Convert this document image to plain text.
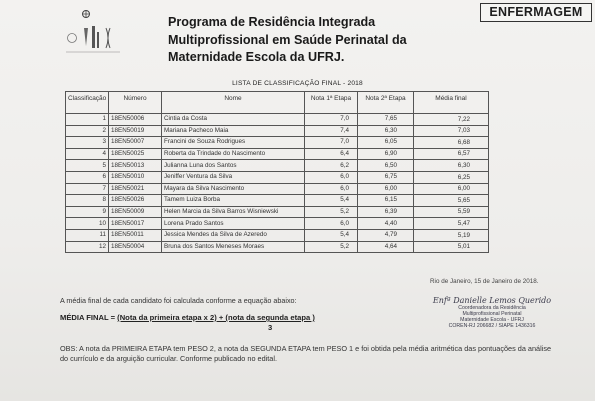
Programa de Residência Integrada
Multiprofissional em Saúde Perinatal da
Maternidade Escola da UFRJ.
ENFERMAGEM
LISTA DE CLASSIFICAÇÃO FINAL - 2018
Classificação	Número	Nome	Nota 1ª Etapa	Nota 2ª Etapa	Média final
1	18EN50006	Cintia da Costa	7,0	7,65	7,22
2	18EN50019	Mariana Pacheco Maia	7,4	6,30	7,03
3	18EN50007	Francini de Souza Rodrigues	7,0	6,05	6,68
4	18EN50025	Roberta da Trindade do Nascimento	6,4	6,90	6,57
5	18EN50013	Julianna Luna dos Santos	6,2	6,50	6,30
6	18EN50010	Jeniffer Ventura da Silva	6,0	6,75	6,25
7	18EN50021	Mayara da Silva Nascimento	6,0	6,00	6,00
8	18EN50026	Tamem Luiza Borba	5,4	6,15	5,65
9	18EN50009	Helen Marcia da Silva Barros Wisniewski	5,2	6,39	5,59
10	18EN50017	Lorena Prado Santos	6,0	4,40	5,47
11	18EN50011	Jessica Mendes da Silva de Azeredo	5,4	4,79	5,19
12	18EN50004	Bruna dos Santos Meneses Moraes	5,2	4,64	5,01
Rio de Janeiro, 15 de Janeiro de 2018.
A média final de cada candidato foi calculada conforme a equação abaixo:
MÉDIA FINAL = (Nota da primeira etapa x 2) + (nota da segunda etapa )
3
Enfª Danielle Lemos Querido
Coordenadora da Residência
Multiprofissional Perinatal
Maternidade Escola - UFRJ
COREN-RJ 206682 / SIAPE 1436316
OBS: A nota da PRIMEIRA ETAPA tem PESO 2, a nota da SEGUNDA ETAPA tem PESO 1 e foi obtida pela média aritmética das pontuações da análise do currículo e da arguição curricular. Conforme publicado no edital.
